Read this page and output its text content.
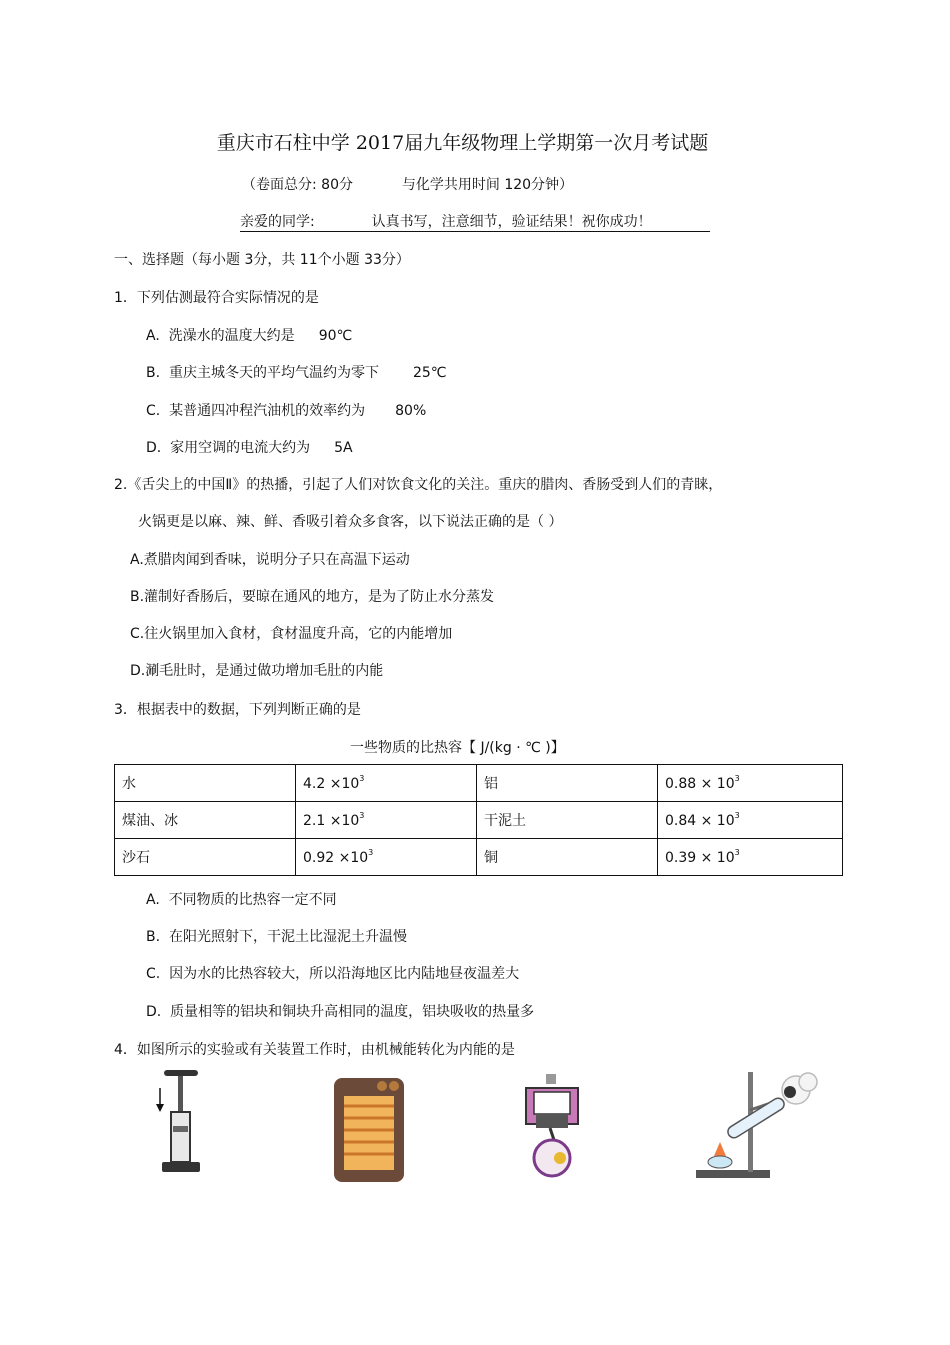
重庆市石柱中学 2017届九年级物理上学期第一次月考试题
（卷面总分: 80分	与化学共用时间 120分钟）
亲爱的同学:	认真书写，注意细节，验证结果！祝你成功！
一、选择题（每小题 3分，共 11个小题 33分）
1．下列估测最符合实际情况的是
A. 洗澡水的温度大约是 90℃
B. 重庆主城冬天的平均气温约为零下 25℃
C. 某普通四冲程汽油机的效率约为 80%
D. 家用空调的电流大约为 5A
2.《舌尖上的中国Ⅱ》的热播，引起了人们对饮食文化的关注。重庆的腊肉、香肠受到人们的青睐，
火锅更是以麻、辣、鲜、香吸引着众多食客，以下说法正确的是（ ）
A.煮腊肉闻到香味，说明分子只在高温下运动
B.灌制好香肠后，要晾在通风的地方，是为了防止水分蒸发
C.往火锅里加入食材，食材温度升高，它的内能增加
D.涮毛肚时，是通过做功增加毛肚的内能
3．根据表中的数据，下列判断正确的是
一些物质的比热容【 J/(kg · ℃ )】
水	$4.2 \times 10^3$	铝	$0.88 \times 10^3$
煤油、冰	$2.1 \times 10^3$	干泥土	$0.84 \times 10^3$
沙石	$0.92 \times 10^3$	铜	$0.39 \times 10^3$
A. 不同物质的比热容一定不同
B. 在阳光照射下，干泥土比湿泥土升温慢
C. 因为水的比热容较大，所以沿海地区比内陆地昼夜温差大
D. 质量相等的铝块和铜块升高相同的温度，铝块吸收的热量多
4．如图所示的实验或有关装置工作时，由机械能转化为内能的是
